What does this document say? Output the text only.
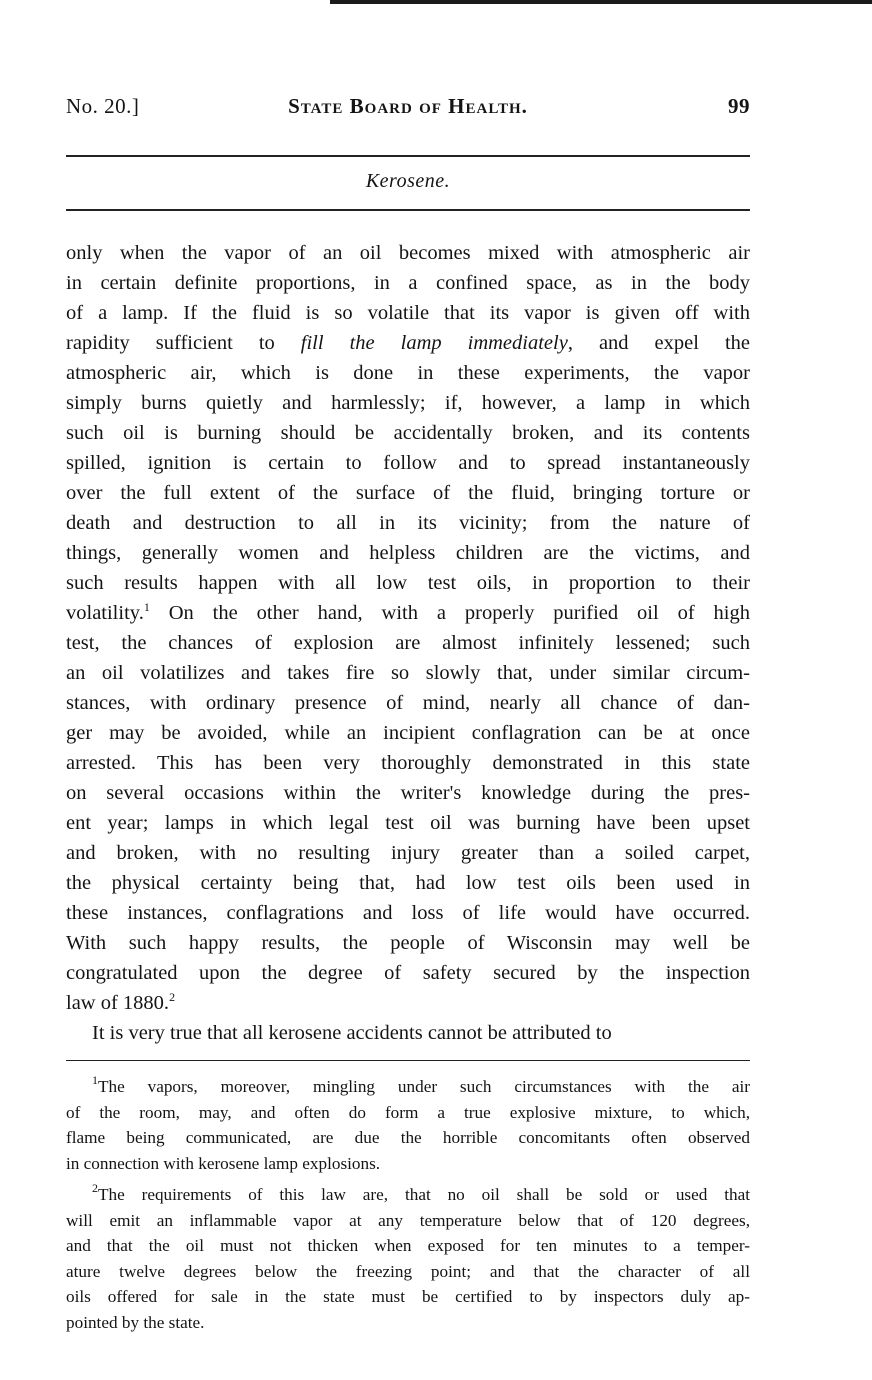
No. 20.]	State Board of Health.	99
Kerosene.
only when the vapor of an oil becomes mixed with atmospheric air
in certain definite proportions, in a confined space, as in the body
of a lamp. If the fluid is so volatile that its vapor is given off with
rapidity sufficient to fill the lamp immediately, and expel the
atmospheric air, which is done in these experiments, the vapor
simply burns quietly and harmlessly; if, however, a lamp in which
such oil is burning should be accidentally broken, and its contents
spilled, ignition is certain to follow and to spread instantaneously
over the full extent of the surface of the fluid, bringing torture or
death and destruction to all in its vicinity; from the nature of
things, generally women and helpless children are the victims, and
such results happen with all low test oils, in proportion to their
volatility.$^1$ On the other hand, with a properly purified oil of high
test, the chances of explosion are almost infinitely lessened; such
an oil volatilizes and takes fire so slowly that, under similar circum-
stances, with ordinary presence of mind, nearly all chance of dan-
ger may be avoided, while an incipient conflagration can be at once
arrested. This has been very thoroughly demonstrated in this state
on several occasions within the writer's knowledge during the pres-
ent year; lamps in which legal test oil was burning have been upset
and broken, with no resulting injury greater than a soiled carpet,
the physical certainty being that, had low test oils been used in
these instances, conflagrations and loss of life would have occurred.
With such happy results, the people of Wisconsin may well be
congratulated upon the degree of safety secured by the inspection
law of 1880.$^2$
It is very true that all kerosene accidents cannot be attributed to
$^1$The vapors, moreover, mingling under such circumstances with the air
of the room, may, and often do form a true explosive mixture, to which,
flame being communicated, are due the horrible concomitants often observed
in connection with kerosene lamp explosions.
$^2$The requirements of this law are, that no oil shall be sold or used that
will emit an inflammable vapor at any temperature below that of 120 degrees,
and that the oil must not thicken when exposed for ten minutes to a temper-
ature twelve degrees below the freezing point; and that the character of all
oils offered for sale in the state must be certified to by inspectors duly ap-
pointed by the state.
